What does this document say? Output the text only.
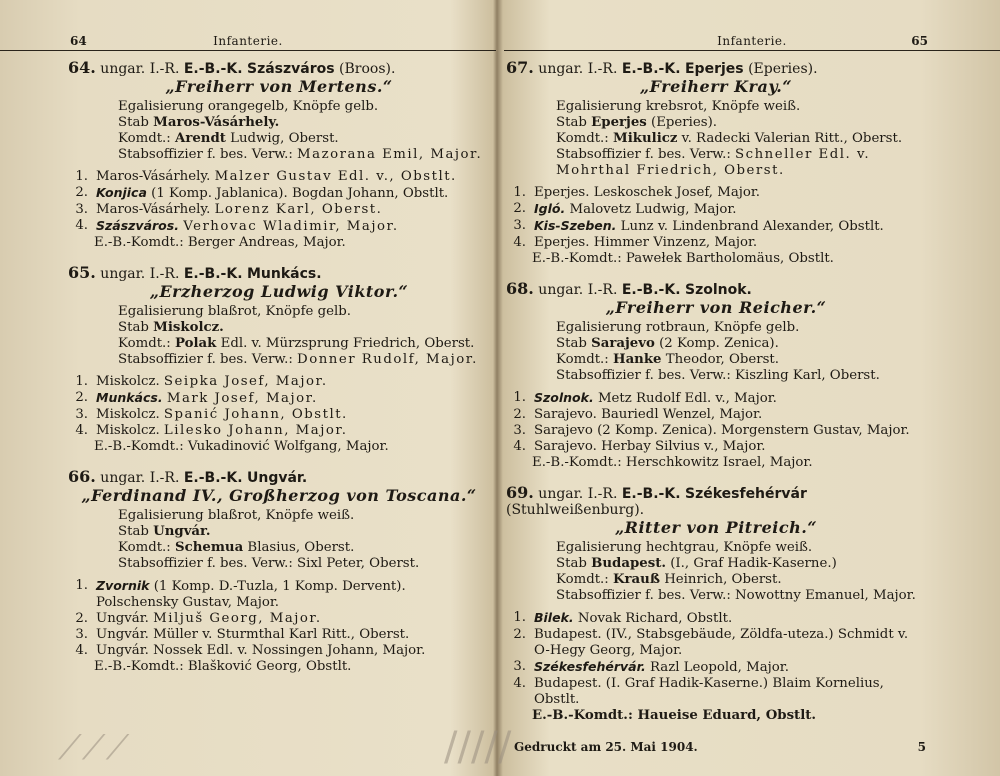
64	Infanterie.
64. ungar. I.-R. E.-B.-K. Szászváros (Broos).
„Freiherr von Mertens.“
Egalisierung orangegelb, Knöpfe gelb.
Stab Maros-Vásárhely.
Komdt.: Arendt Ludwig, Oberst.
Stabsoffizier f. bes. Verw.: Mazorana Emil, Major.
1. Maros-Vásárhely. Malzer Gustav Edl. v., Obstlt.
2. Konjica (1 Komp. Jablanica). Bogdan Johann, Obstlt.
3. Maros-Vásárhely. Lorenz Karl, Oberst.
4. Szászváros. Verhovac Wladimir, Major.
E.-B.-Komdt.: Berger Andreas, Major.
65. ungar. I.-R. E.-B.-K. Munkács.
„Erzherzog Ludwig Viktor.“
Egalisierung blaßrot, Knöpfe gelb.
Stab Miskolcz.
Komdt.: Polak Edl. v. Mürzsprung Friedrich, Oberst.
Stabsoffizier f. bes. Verw.: Donner Rudolf, Major.
1. Miskolcz. Seipka Josef, Major.
2. Munkács. Mark Josef, Major.
3. Miskolcz. Spanić Johann, Obstlt.
4. Miskolcz. Lilesko Johann, Major.
E.-B.-Komdt.: Vukadinović Wolfgang, Major.
66. ungar. I.-R. E.-B.-K. Ungvár.
„Ferdinand IV., Großherzog von Toscana.“
Egalisierung blaßrot, Knöpfe weiß.
Stab Ungvár.
Komdt.: Schemua Blasius, Oberst.
Stabsoffizier f. bes. Verw.: Sixl Peter, Oberst.
1. Zvornik (1 Komp. D.-Tuzla, 1 Komp. Dervent). Polschensky Gustav, Major.
2. Ungvár. Miljuš Georg, Major.
3. Ungvár. Müller v. Sturmthal Karl Ritt., Oberst.
4. Ungvár. Nossek Edl. v. Nossingen Johann, Major.
E.-B.-Komdt.: Blašković Georg, Obstlt.
⟋⟋⟋
Infanterie.	65
67. ungar. I.-R. E.-B.-K. Eperjes (Eperies).
„Freiherr Kray.“
Egalisierung krebsrot, Knöpfe weiß.
Stab Eperjes (Eperies).
Komdt.: Mikulicz v. Radecki Valerian Ritt., Oberst.
Stabsoffizier f. bes. Verw.: Schneller Edl. v. Mohrthal Friedrich, Oberst.
1. Eperjes. Leskoschek Josef, Major.
2. Igló. Malovetz Ludwig, Major.
3. Kis-Szeben. Lunz v. Lindenbrand Alexander, Obstlt.
4. Eperjes. Himmer Vinzenz, Major.
E.-B.-Komdt.: Pawełek Bartholomäus, Obstlt.
68. ungar. I.-R. E.-B.-K. Szolnok.
„Freiherr von Reicher.“
Egalisierung rotbraun, Knöpfe gelb.
Stab Sarajevo (2 Komp. Zenica).
Komdt.: Hanke Theodor, Oberst.
Stabsoffizier f. bes. Verw.: Kiszling Karl, Oberst.
1. Szolnok. Metz Rudolf Edl. v., Major.
2. Sarajevo. Bauriedl Wenzel, Major.
3. Sarajevo (2 Komp. Zenica). Morgenstern Gustav, Major.
4. Sarajevo. Herbay Silvius v., Major.
E.-B.-Komdt.: Herschkowitz Israel, Major.
69. ungar. I.-R. E.-B.-K. Székesfehérvár (Stuhlweißenburg).
„Ritter von Pitreich.“
Egalisierung hechtgrau, Knöpfe weiß.
Stab Budapest. (I., Graf Hadik-Kaserne.)
Komdt.: Krauß Heinrich, Oberst.
Stabsoffizier f. bes. Verw.: Nowottny Emanuel, Major.
1. Bilek. Novak Richard, Obstlt.
2. Budapest. (IV., Stabsgebäude, Zöldfa-uteza.) Schmidt v. O-Hegy Georg, Major.
3. Székesfehérvár. Razl Leopold, Major.
4. Budapest. (I. Graf Hadik-Kaserne.) Blaim Kornelius, Obstlt.
E.-B.-Komdt.: Haueise Eduard, Obstlt.
Gedruckt am 25. Mai 1904.	5
/////
